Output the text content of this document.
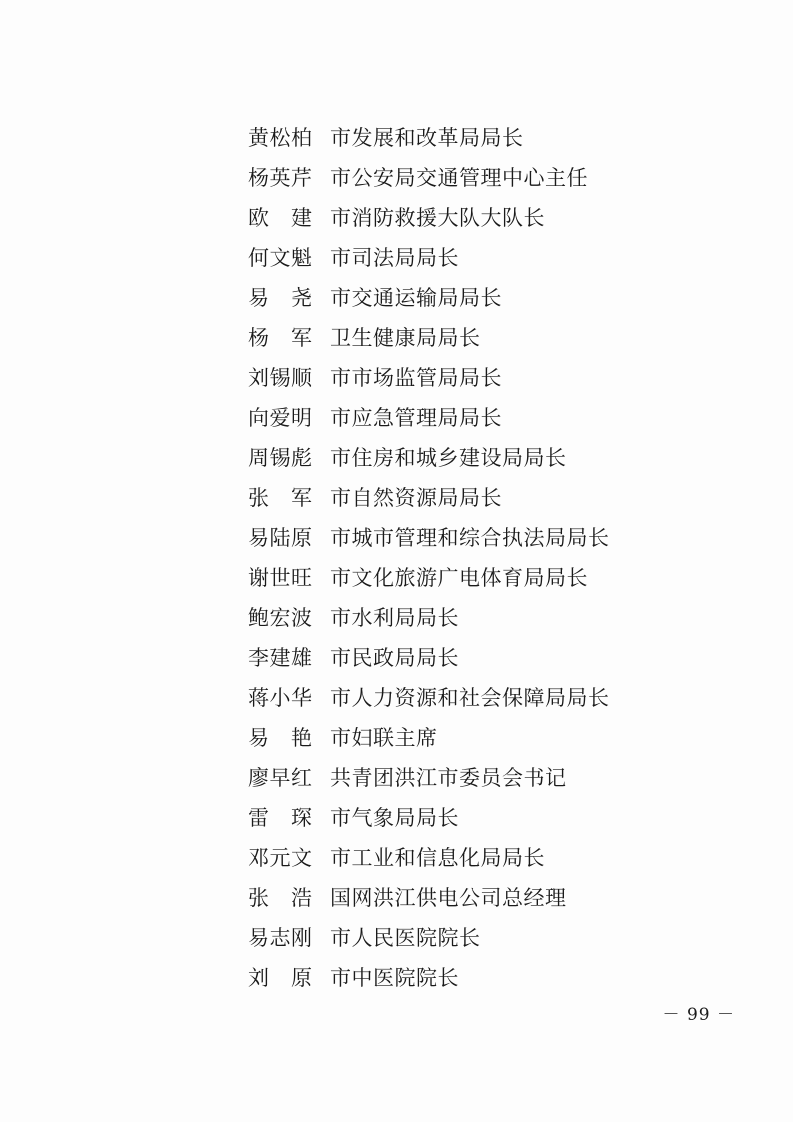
黄松柏 市发展和改革局局长
杨英芹 市公安局交通管理中心主任
欧　建 市消防救援大队大队长
何文魁 市司法局局长
易　尧 市交通运输局局长
杨　军 卫生健康局局长
刘锡顺 市市场监管局局长
向爱明 市应急管理局局长
周锡彪 市住房和城乡建设局局长
张　军 市自然资源局局长
易陆原 市城市管理和综合执法局局长
谢世旺 市文化旅游广电体育局局长
鲍宏波 市水利局局长
李建雄 市民政局局长
蒋小华 市人力资源和社会保障局局长
易　艳 市妇联主席
廖早红 共青团洪江市委员会书记
雷　琛 市气象局局长
邓元文 市工业和信息化局局长
张　浩 国网洪江供电公司总经理
易志刚 市人民医院院长
刘　原 市中医院院长
－ 99 －
